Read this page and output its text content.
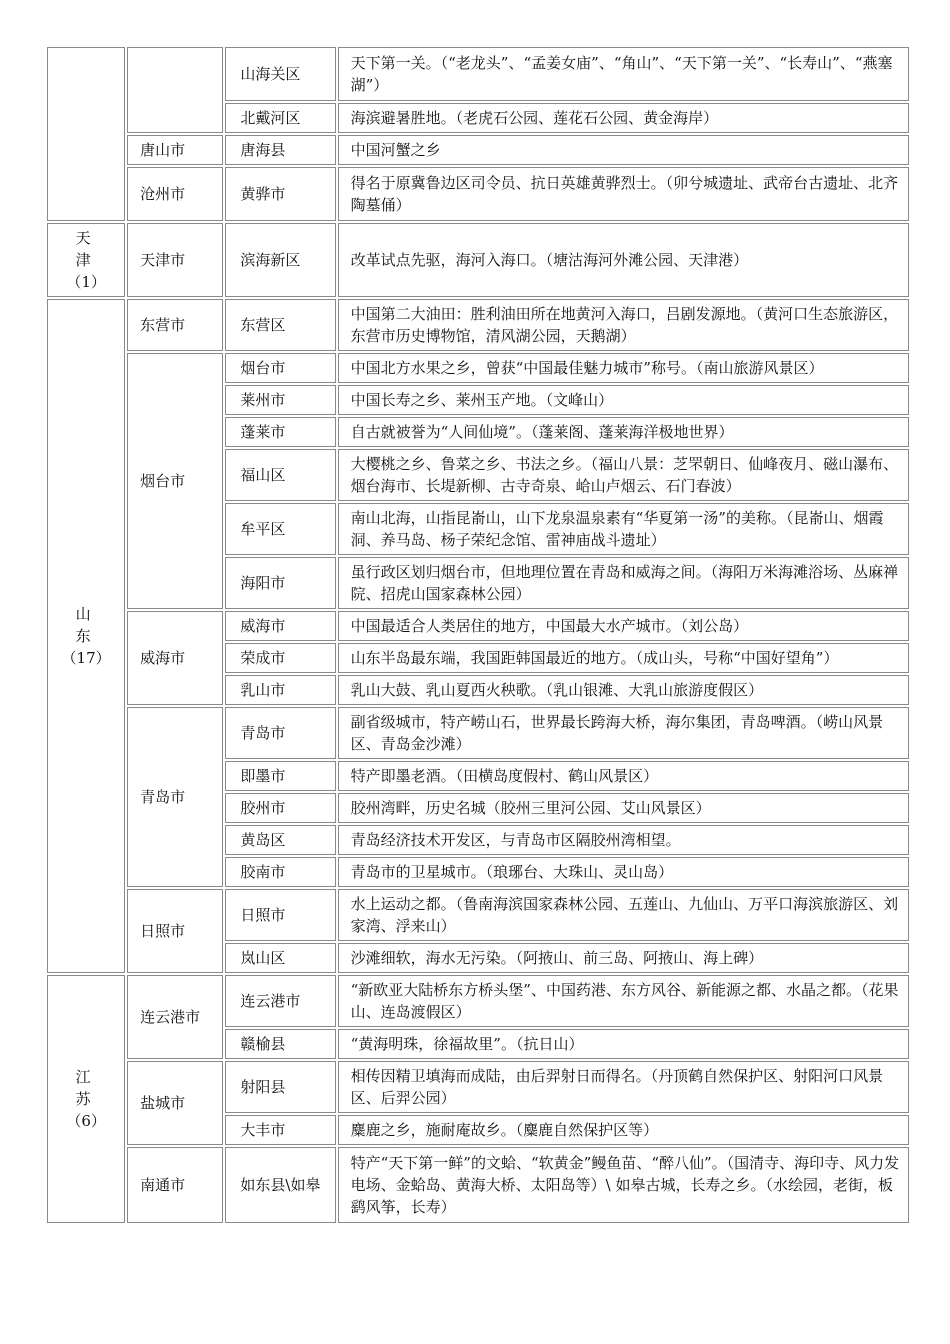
		山海关区	天下第一关。（“老龙头”、“孟姜女庙”、“角山”、“天下第一关”、“长寿山”、“燕塞湖”）
		北戴河区	海滨避暑胜地。（老虎石公园、莲花石公园、黄金海岸）
	唐山市	唐海县	中国河蟹之乡
	沧州市	黄骅市	得名于原冀鲁边区司令员、抗日英雄黄骅烈士。（卯兮城遗址、武帝台古遗址、北齐陶墓俑）

天　津
（1）	天津市	滨海新区	改革试点先驱，海河入海口。（塘沽海河外滩公园、天津港）

山　东
（17）	东营市	东营区	中国第二大油田：胜利油田所在地黄河入海口，吕剧发源地。（黄河口生态旅游区，东营市历史博物馆，清风湖公园，天鹅湖）
	烟台市	烟台市	中国北方水果之乡，曾获“中国最佳魅力城市”称号。（南山旅游风景区）
		莱州市	中国长寿之乡、莱州玉产地。（文峰山）
		蓬莱市	自古就被誉为“人间仙境”。（蓬莱阁、蓬莱海洋极地世界）
		福山区	大樱桃之乡、鲁菜之乡、书法之乡。（福山八景：芝罘朝日、仙峰夜月、磁山瀑布、烟台海市、长堤新柳、古寺奇泉、峆山卢烟云、石门春波）
		牟平区	南山北海，山指昆嵛山，山下龙泉温泉素有“华夏第一汤”的美称。（昆嵛山、烟霞洞、养马岛、杨子荣纪念馆、雷神庙战斗遗址）
		海阳市	虽行政区划归烟台市，但地理位置在青岛和威海之间。（海阳万米海滩浴场、丛麻禅院、招虎山国家森林公园）
	威海市	威海市	中国最适合人类居住的地方，中国最大水产城市。（刘公岛）
		荣成市	山东半岛最东端，我国距韩国最近的地方。（成山头，号称“中国好望角”）
		乳山市	乳山大鼓、乳山夏西火秧歌。（乳山银滩、大乳山旅游度假区）
	青岛市	青岛市	副省级城市，特产崂山石，世界最长跨海大桥，海尔集团，青岛啤酒。（崂山风景区、青岛金沙滩）
		即墨市	特产即墨老酒。（田横岛度假村、鹤山风景区）
		胶州市	胶州湾畔，历史名城（胶州三里河公园、艾山风景区）
		黄岛区	青岛经济技术开发区，与青岛市区隔胶州湾相望。
		胶南市	青岛市的卫星城市。（琅琊台、大珠山、灵山岛）
	日照市	日照市	水上运动之都。（鲁南海滨国家森林公园、五莲山、九仙山、万平口海滨旅游区、刘家湾、浮来山）
		岚山区	沙滩细软，海水无污染。（阿掖山、前三岛、阿掖山、海上碑）

江　苏
（6）	连云港市	连云港市	“新欧亚大陆桥东方桥头堡”、中国药港、东方风谷、新能源之都、水晶之都。（花果山、连岛渡假区）
		赣榆县	“黄海明珠，徐福故里”。（抗日山）
	盐城市	射阳县	相传因精卫填海而成陆，由后羿射日而得名。（丹顶鹤自然保护区、射阳河口风景区、后羿公园）
		大丰市	麋鹿之乡，施耐庵故乡。（麋鹿自然保护区等）
	南通市	如东县\如皋	特产“天下第一鲜”的文蛤、“软黄金”鳗鱼苗、“醉八仙”。（国清寺、海印寺、风力发电场、金蛤岛、黄海大桥、太阳岛等）\ 如皋古城，长寿之乡。（水绘园，老街，板鹞风筝，长寿）
